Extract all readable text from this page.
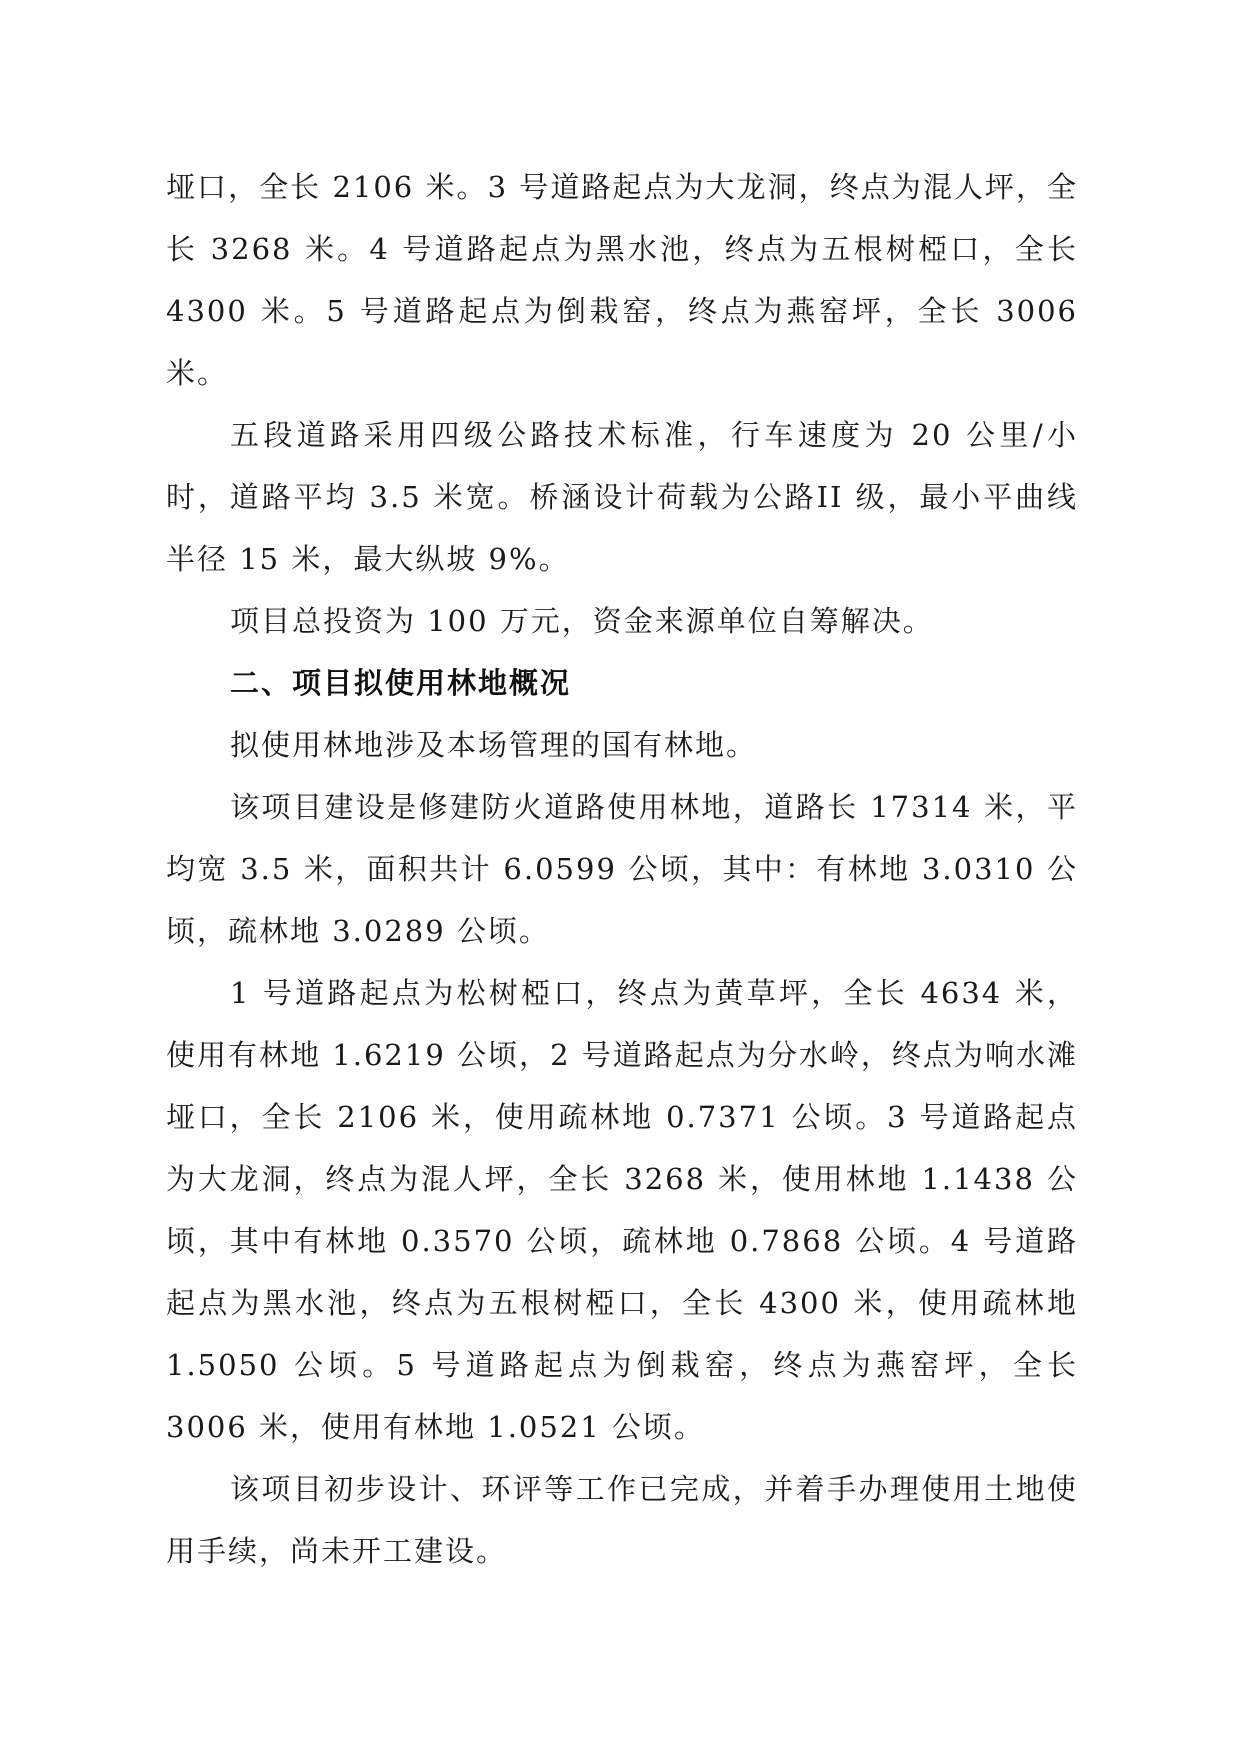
垭口，全长 2106 米。3 号道路起点为大龙洞，终点为混人坪，全长 3268 米。4 号道路起点为黑水池，终点为五根树椏口，全长 4300 米。5 号道路起点为倒栽窑，终点为燕窑坪，全长 3006 米。

五段道路采用四级公路技术标准，行车速度为 20 公里/小时，道路平均 3.5 米宽。桥涵设计荷载为公路II 级，最小平曲线半径 15 米，最大纵坡 9%。

项目总投资为 100 万元，资金来源单位自筹解决。

二、项目拟使用林地概况

拟使用林地涉及本场管理的国有林地。

该项目建设是修建防火道路使用林地，道路长 17314 米，平均宽 3.5 米，面积共计 6.0599 公顷，其中：有林地 3.0310 公顷，疏林地 3.0289 公顷。

1 号道路起点为松树椏口，终点为黄草坪，全长 4634 米，使用有林地 1.6219 公顷，2 号道路起点为分水岭，终点为响水滩垭口，全长 2106 米，使用疏林地 0.7371 公顷。3 号道路起点为大龙洞，终点为混人坪，全长 3268 米，使用林地 1.1438 公顷，其中有林地 0.3570 公顷，疏林地 0.7868 公顷。4 号道路起点为黑水池，终点为五根树椏口，全长 4300 米，使用疏林地 1.5050 公顷。5 号道路起点为倒栽窑，终点为燕窑坪，全长 3006 米，使用有林地 1.0521 公顷。

该项目初步设计、环评等工作已完成，并着手办理使用土地使用手续，尚未开工建设。
